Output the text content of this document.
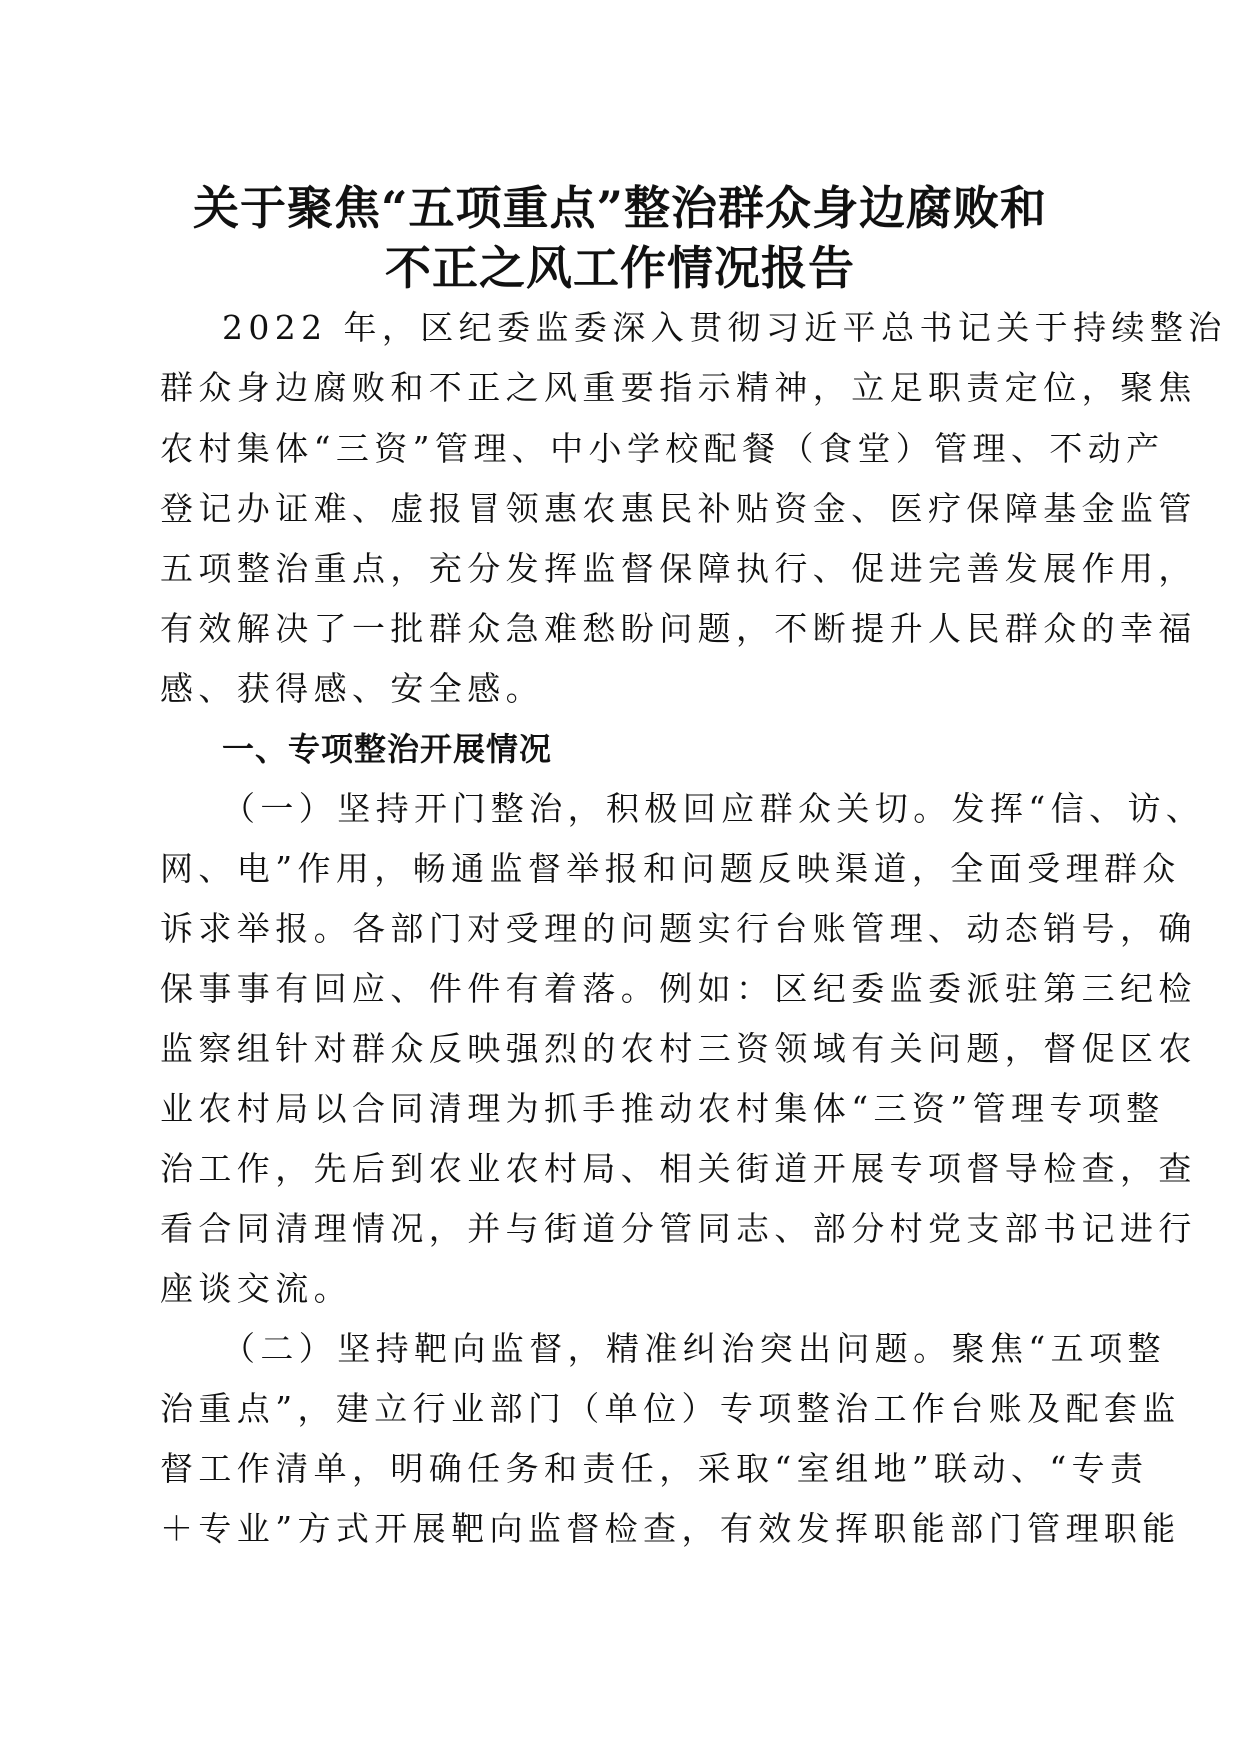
关于聚焦“五项重点”整治群众身边腐败和
不正之风工作情况报告
2022 年，区纪委监委深入贯彻习近平总书记关于持续整治
群众身边腐败和不正之风重要指示精神，立足职责定位，聚焦
农村集体“三资”管理、中小学校配餐（食堂）管理、不动产
登记办证难、虚报冒领惠农惠民补贴资金、医疗保障基金监管
五项整治重点，充分发挥监督保障执行、促进完善发展作用，
有效解决了一批群众急难愁盼问题，不断提升人民群众的幸福
感、获得感、安全感。
一、专项整治开展情况
（一）坚持开门整治，积极回应群众关切。发挥“信、访、
网、电”作用，畅通监督举报和问题反映渠道，全面受理群众
诉求举报。各部门对受理的问题实行台账管理、动态销号，确
保事事有回应、件件有着落。例如：区纪委监委派驻第三纪检
监察组针对群众反映强烈的农村三资领域有关问题，督促区农
业农村局以合同清理为抓手推动农村集体“三资”管理专项整
治工作，先后到农业农村局、相关街道开展专项督导检查，查
看合同清理情况，并与街道分管同志、部分村党支部书记进行
座谈交流。
（二）坚持靶向监督，精准纠治突出问题。聚焦“五项整
治重点”，建立行业部门（单位）专项整治工作台账及配套监
督工作清单，明确任务和责任，采取“室组地”联动、“专责
＋专业”方式开展靶向监督检查，有效发挥职能部门管理职能
